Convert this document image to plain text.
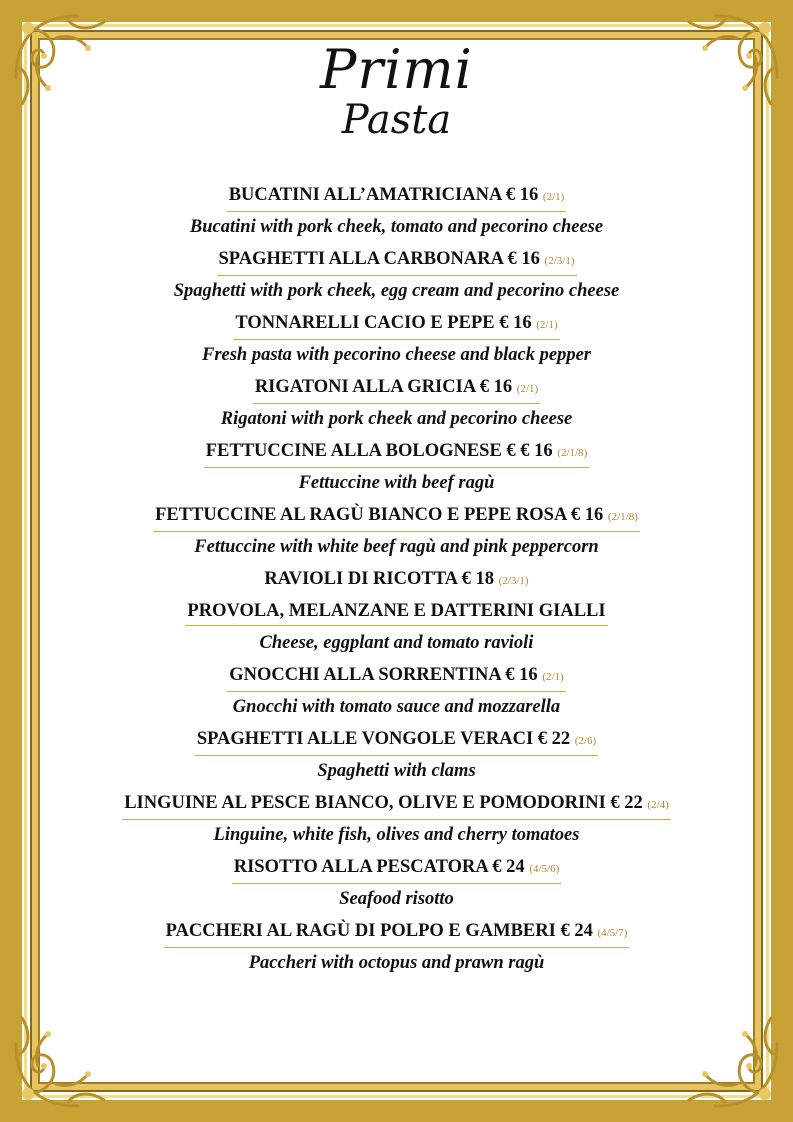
Primi
Pasta
BUCATINI ALL’AMATRICIANA € 16 (2/1)
Bucatini with pork cheek, tomato and pecorino cheese
SPAGHETTI ALLA CARBONARA € 16 (2/3/1)
Spaghetti with pork cheek, egg cream and pecorino cheese
TONNARELLI CACIO E PEPE € 16 (2/1)
Fresh pasta with pecorino cheese and black pepper
RIGATONI ALLA GRICIA € 16 (2/1)
Rigatoni with pork cheek and pecorino cheese
FETTUCCINE ALLA BOLOGNESE € € 16 (2/1/8)
Fettuccine with beef ragù
FETTUCCINE AL RAGÙ BIANCO E PEPE ROSA € 16 (2/1/8)
Fettuccine with white beef ragù and pink peppercorn
RAVIOLI DI RICOTTA € 18 (2/3/1)
PROVOLA, MELANZANE E DATTERINI GIALLI
Cheese, eggplant and tomato ravioli
GNOCCHI ALLA SORRENTINA € 16 (2/1)
Gnocchi with tomato sauce and mozzarella
SPAGHETTI ALLE VONGOLE VERACI € 22 (2/6)
Spaghetti with clams
LINGUINE AL PESCE BIANCO, OLIVE E POMODORINI € 22 (2/4)
Linguine, white fish, olives and cherry tomatoes
RISOTTO ALLA PESCATORA € 24 (4/5/6)
Seafood risotto
PACCHERI AL RAGÙ DI POLPO E GAMBERI € 24 (4/5/7)
Paccheri with octopus and prawn ragù
